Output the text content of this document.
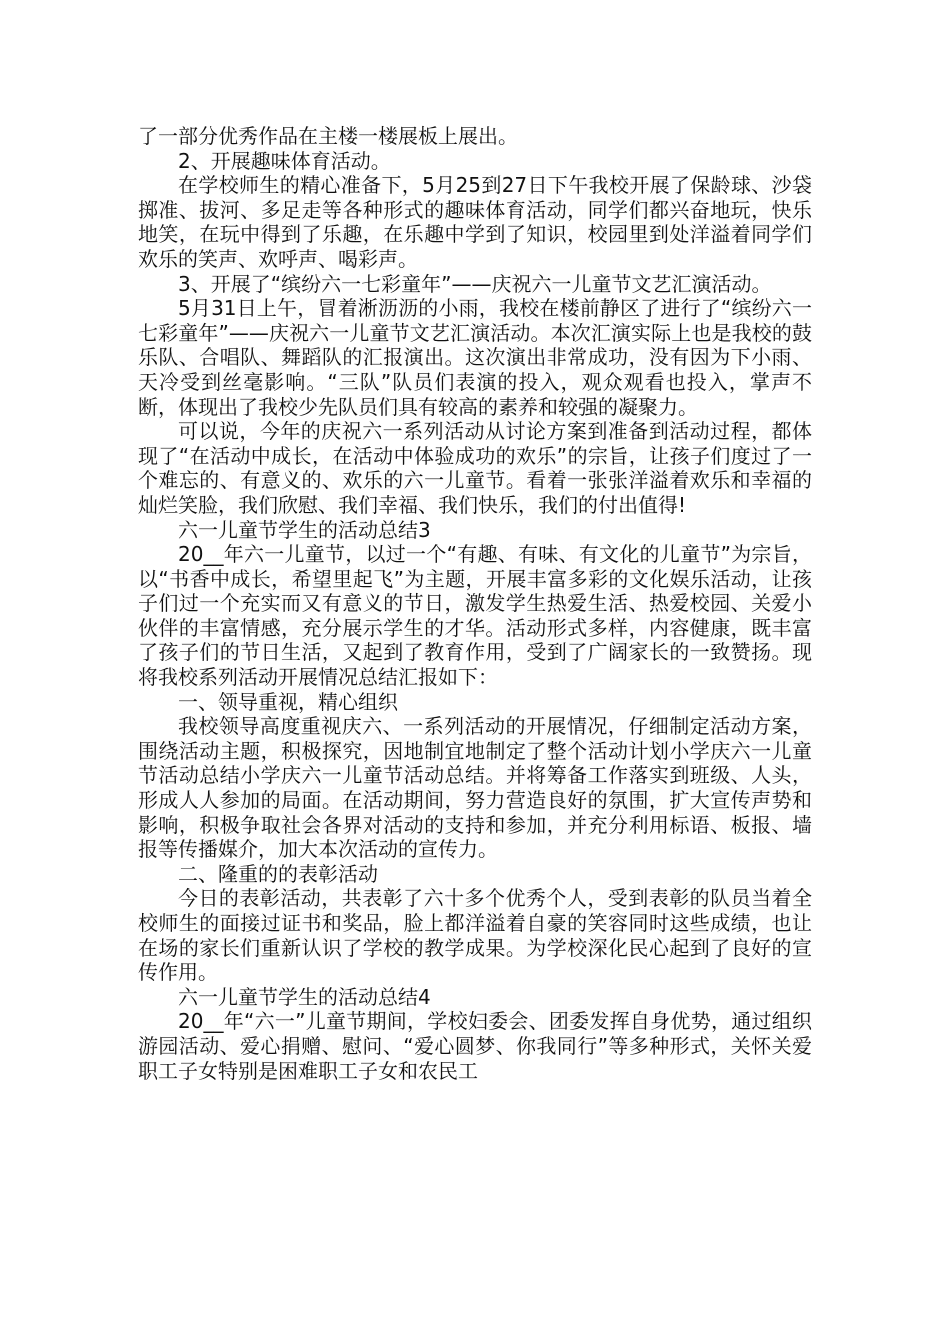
了一部分优秀作品在主楼一楼展板上展出。

2、开展趣味体育活动。

在学校师生的精心准备下，5月25到27日下午我校开展了保龄球、沙袋掷准、拔河、多足走等各种形式的趣味体育活动，同学们都兴奋地玩，快乐地笑，在玩中得到了乐趣，在乐趣中学到了知识，校园里到处洋溢着同学们欢乐的笑声、欢呼声、喝彩声。

3、开展了“缤纷六一七彩童年”——庆祝六一儿童节文艺汇演活动。

5月31日上午，冒着淅沥沥的小雨，我校在楼前静区了进行了“缤纷六一七彩童年”——庆祝六一儿童节文艺汇演活动。本次汇演实际上也是我校的鼓乐队、合唱队、舞蹈队的汇报演出。这次演出非常成功，没有因为下小雨、天冷受到丝毫影响。“三队”队员们表演的投入，观众观看也投入，掌声不断，体现出了我校少先队员们具有较高的素养和较强的凝聚力。

可以说，今年的庆祝六一系列活动从讨论方案到准备到活动过程，都体现了“在活动中成长，在活动中体验成功的欢乐”的宗旨，让孩子们度过了一个难忘的、有意义的、欢乐的六一儿童节。看着一张张洋溢着欢乐和幸福的灿烂笑脸，我们欣慰、我们幸福、我们快乐，我们的付出值得!

六一儿童节学生的活动总结3

20__年六一儿童节，以过一个“有趣、有味、有文化的儿童节”为宗旨，以“书香中成长，希望里起飞”为主题，开展丰富多彩的文化娱乐活动，让孩子们过一个充实而又有意义的节日，激发学生热爱生活、热爱校园、关爱小伙伴的丰富情感，充分展示学生的才华。活动形式多样，内容健康，既丰富了孩子们的节日生活，又起到了教育作用，受到了广阔家长的一致赞扬。现将我校系列活动开展情况总结汇报如下：

一、领导重视，精心组织

我校领导高度重视庆六、一系列活动的开展情况，仔细制定活动方案，围绕活动主题，积极探究，因地制宜地制定了整个活动计划小学庆六一儿童节活动总结小学庆六一儿童节活动总结。并将筹备工作落实到班级、人头，形成人人参加的局面。在活动期间，努力营造良好的氛围，扩大宣传声势和影响，积极争取社会各界对活动的支持和参加，并充分利用标语、板报、墙报等传播媒介，加大本次活动的宣传力。

二、隆重的的表彰活动

今日的表彰活动，共表彰了六十多个优秀个人，受到表彰的队员当着全校师生的面接过证书和奖品，脸上都洋溢着自豪的笑容同时这些成绩，也让在场的家长们重新认识了学校的教学成果。为学校深化民心起到了良好的宣传作用。

六一儿童节学生的活动总结4

20__年“六一”儿童节期间，学校妇委会、团委发挥自身优势，通过组织游园活动、爱心捐赠、慰问、“爱心圆梦、你我同行”等多种形式，关怀关爱职工子女特别是困难职工子女和农民工
